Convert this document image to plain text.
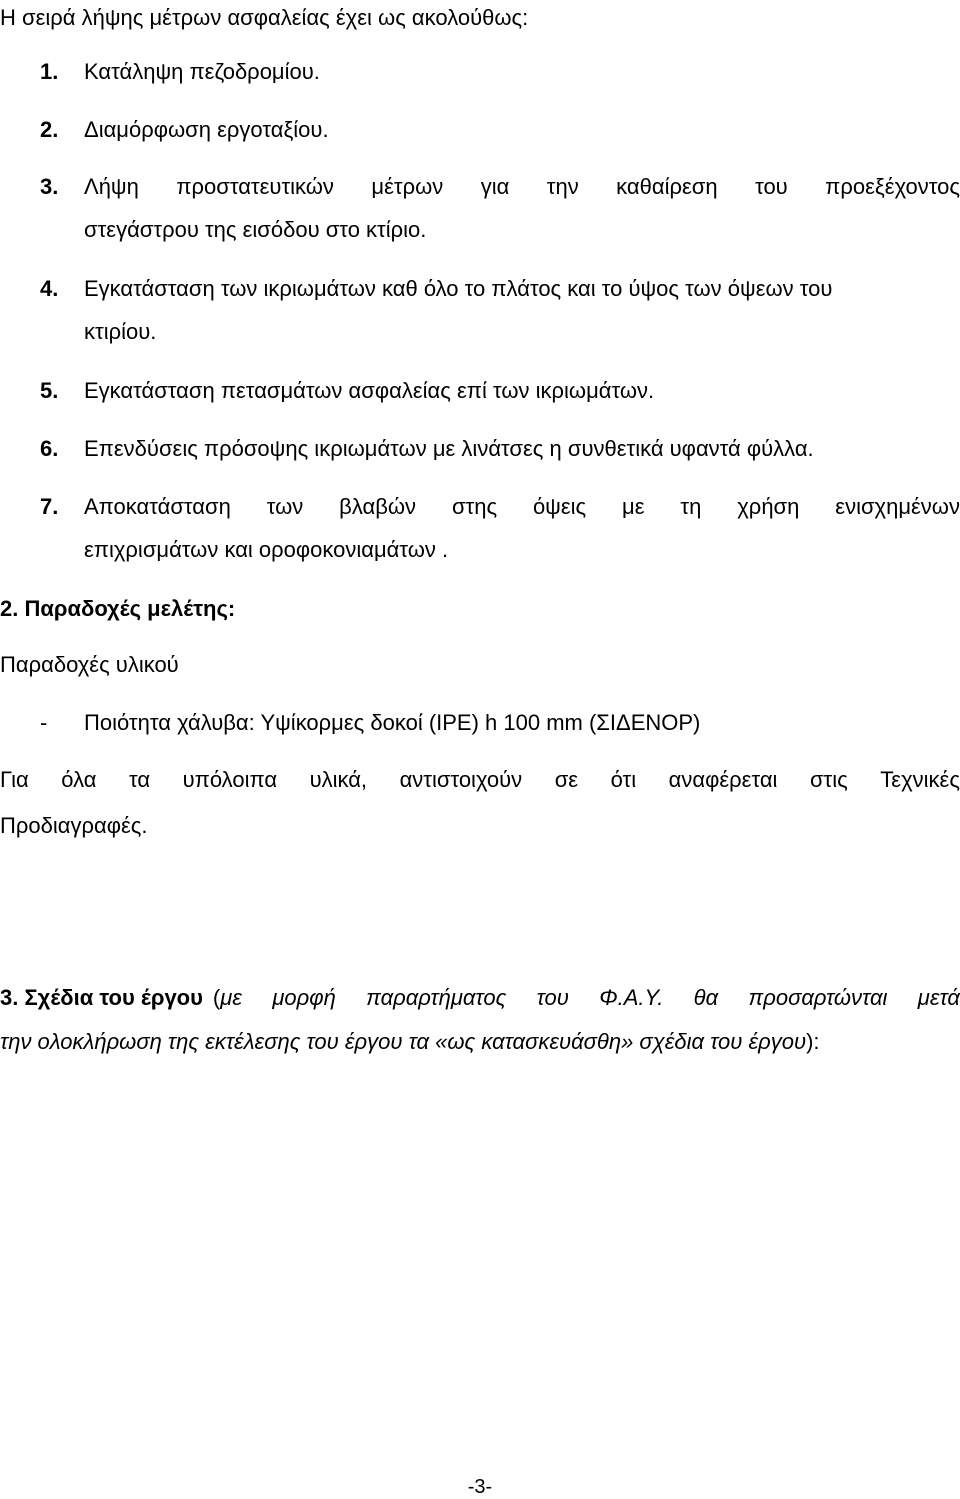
Η σειρά λήψης μέτρων ασφαλείας έχει ως ακολούθως:
1. Κατάληψη πεζοδρομίου.
2. Διαμόρφωση εργοταξίου.
3. Λήψη προστατευτικών μέτρων για την καθαίρεση του προεξέχοντος
στεγάστρου της εισόδου στο κτίριο.
4. Εγκατάσταση των ικριωμάτων καθ όλο το πλάτος και το ύψος των όψεων του
κτιρίου.
5. Εγκατάσταση πετασμάτων ασφαλείας επί των ικριωμάτων.
6. Επενδύσεις πρόσοψης ικριωμάτων με λινάτσες η συνθετικά υφαντά φύλλα.
7. Αποκατάσταση των βλαβών στης όψεις με τη χρήση ενισχημένων
επιχρισμάτων και οροφοκονιαμάτων .
2. Παραδοχές μελέτης:
Παραδοχές υλικού
- Ποιότητα χάλυβα: Υψίκορμες δοκοί (IPE) h 100 mm (ΣΙΔΕΝΟΡ)
Για όλα τα υπόλοιπα υλικά, αντιστοιχούν σε ότι αναφέρεται στις Τεχνικές
Προδιαγραφές.
3. Σχέδια του έργου ( με μορφή παραρτήματος του Φ.Α.Υ. θα προσαρτώνται μετά
την ολοκλήρωση της εκτέλεσης του έργου τα «ως κατασκευάσθη» σχέδια του έργου):
-3-
